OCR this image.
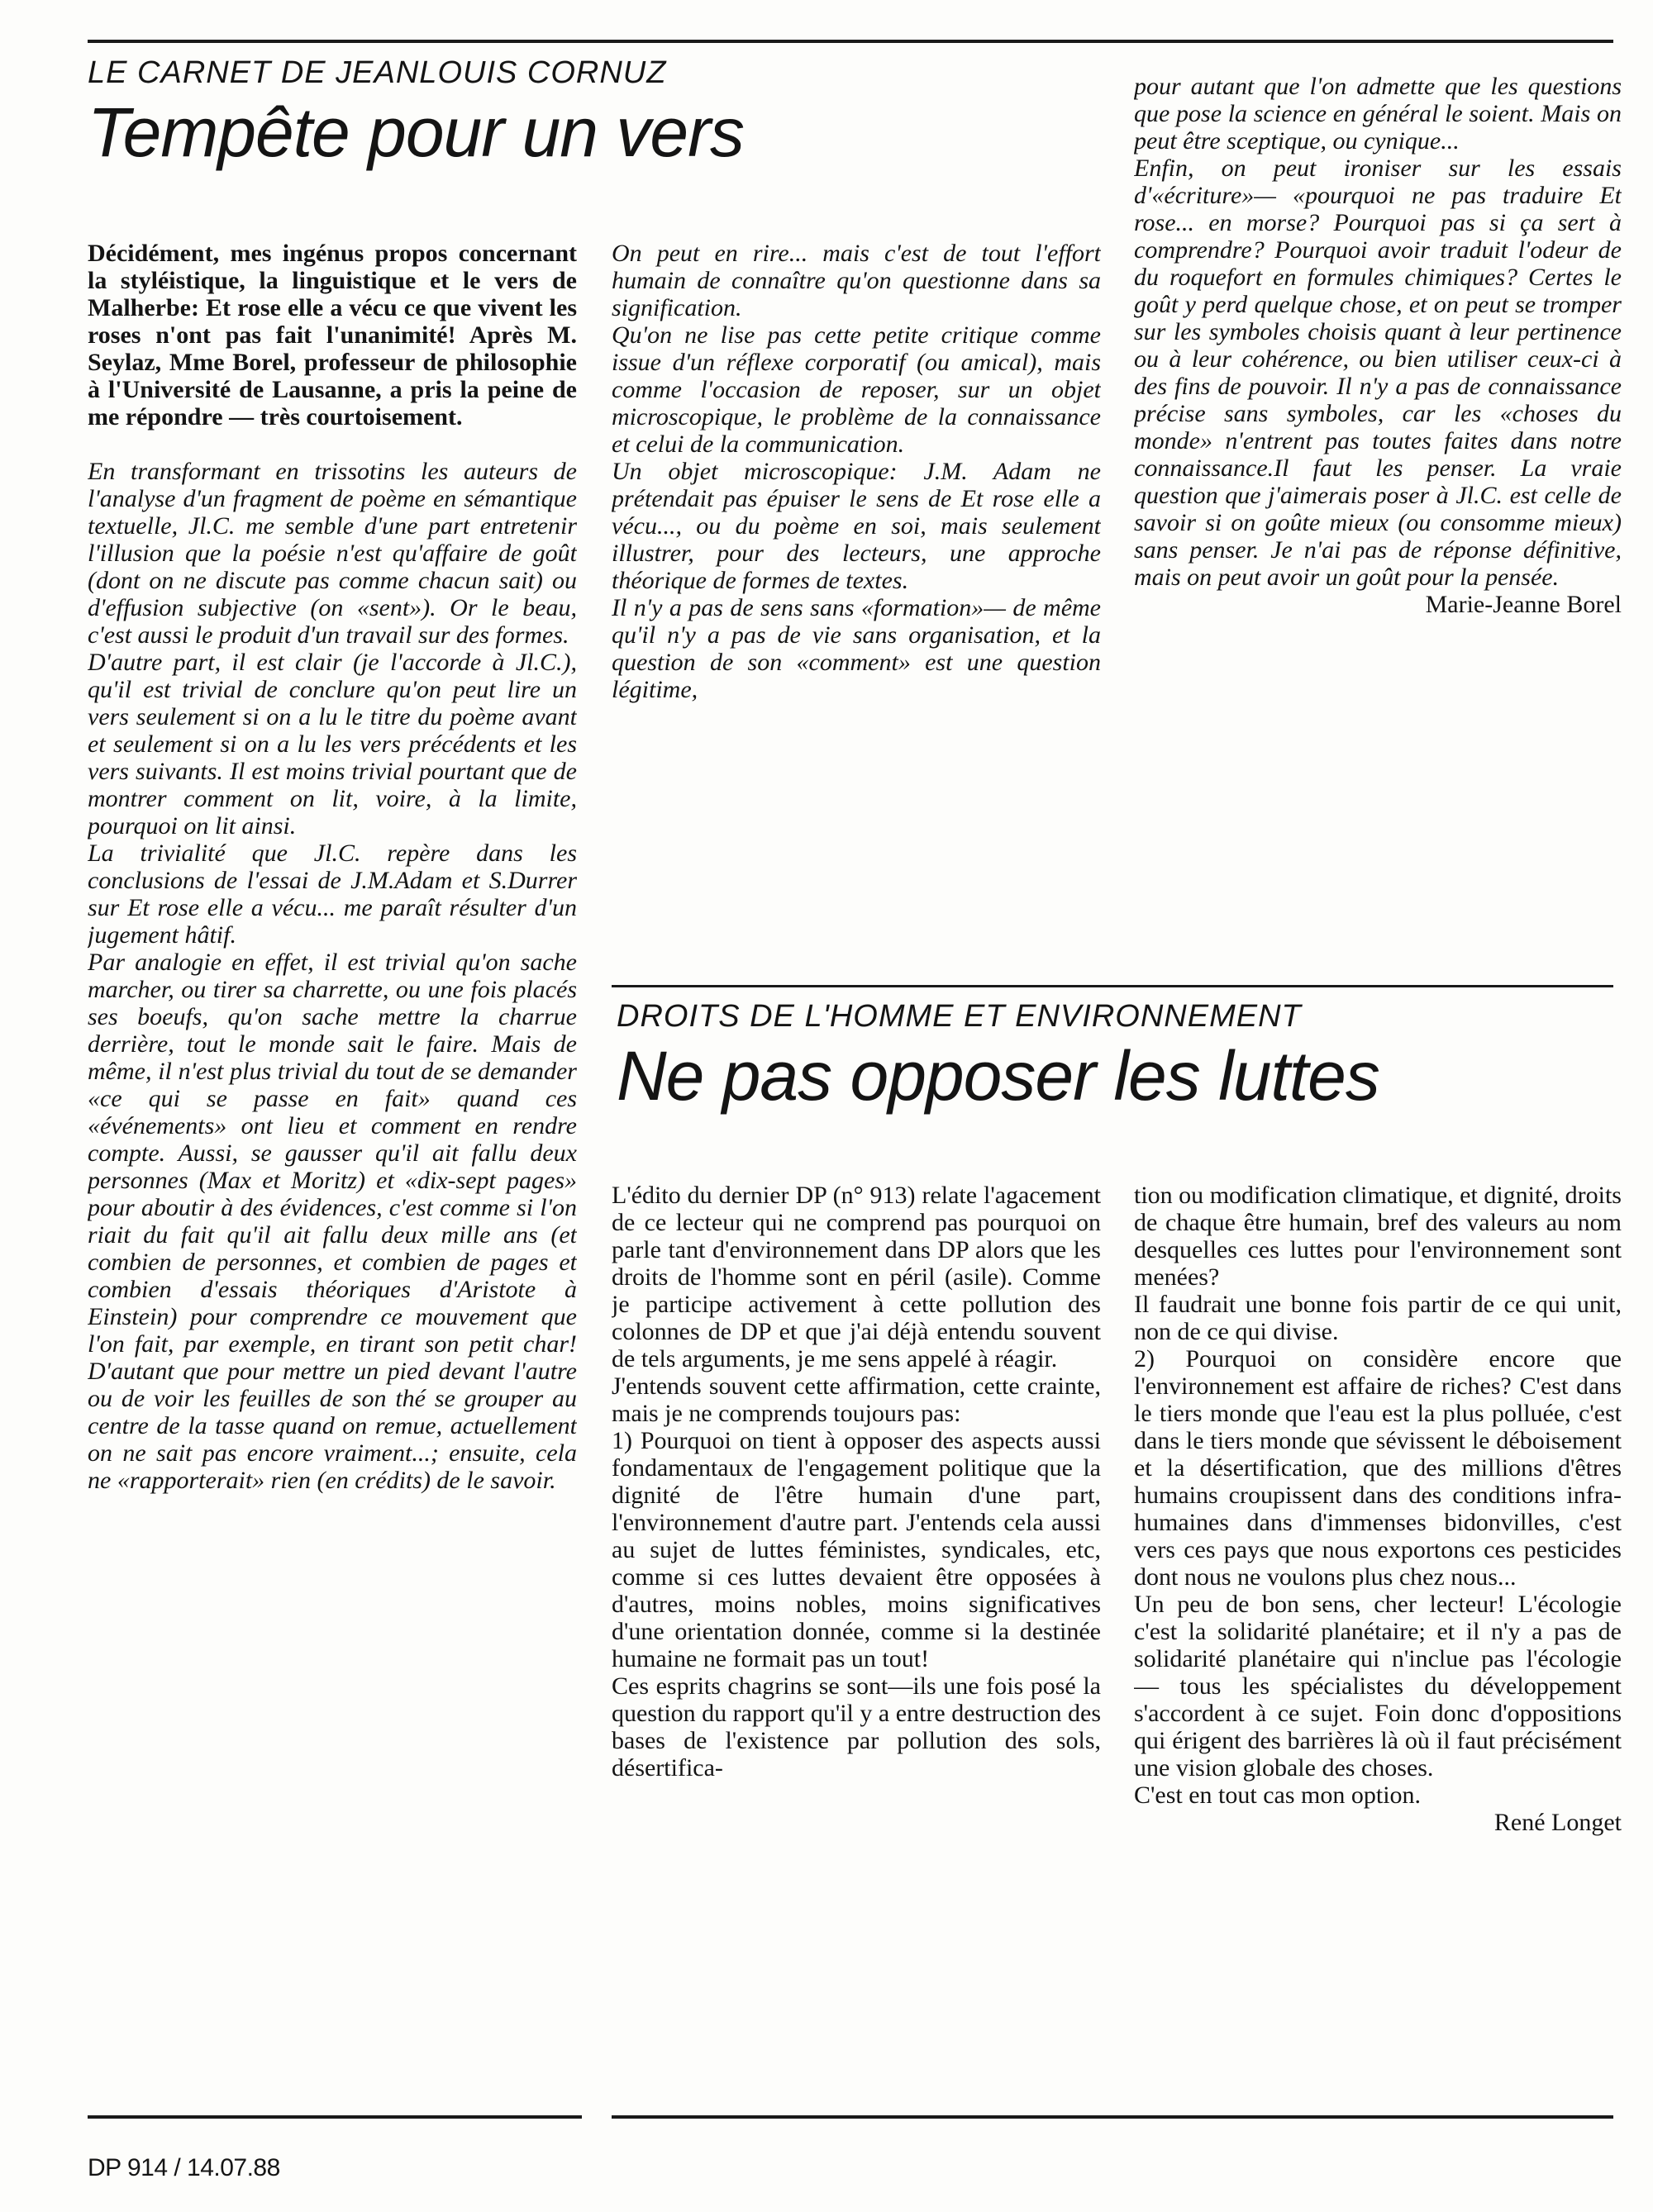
LE CARNET DE JEANLOUIS CORNUZ
Tempête pour un vers

Décidément, mes ingénus propos concernant la styléistique, la linguistique et le vers de Malherbe: Et rose elle a vécu ce que vivent les roses n'ont pas fait l'unanimité! Après M. Seylaz, Mme Borel, professeur de philosophie à l'Université de Lausanne, a pris la peine de me répondre — très courtoisement.

En transformant en trissotins les auteurs de l'analyse d'un fragment de poème en sémantique textuelle, Jl.C. me semble d'une part entretenir l'illusion que la poésie n'est qu'affaire de goût (dont on ne discute pas comme chacun sait) ou d'effusion subjective (on «sent»). Or le beau, c'est aussi le produit d'un travail sur des formes.

D'autre part, il est clair (je l'accorde à Jl.C.), qu'il est trivial de conclure qu'on peut lire un vers seulement si on a lu le titre du poème avant et seulement si on a lu les vers précédents et les vers suivants. Il est moins trivial pourtant que de montrer comment on lit, voire, à la limite, pourquoi on lit ainsi.

La trivialité que Jl.C. repère dans les conclusions de l'essai de J.M.Adam et S.Durrer sur Et rose elle a vécu... me paraît résulter d'un jugement hâtif.

Par analogie en effet, il est trivial qu'on sache marcher, ou tirer sa charrette, ou une fois placés ses boeufs, qu'on sache mettre la charrue derrière, tout le monde sait le faire. Mais de même, il n'est plus trivial du tout de se demander «ce qui se passe en fait» quand ces «événements» ont lieu et comment en rendre compte. Aussi, se gausser qu'il ait fallu deux personnes (Max et Moritz) et «dix-sept pages» pour aboutir à des évidences, c'est comme si l'on riait du fait qu'il ait fallu deux mille ans (et combien de personnes, et combien de pages et combien d'essais théoriques d'Aristote à Einstein) pour comprendre ce mouvement que l'on fait, par exemple, en tirant son petit char! D'autant que pour mettre un pied devant l'autre ou de voir les feuilles de son thé se grouper au centre de la tasse quand on remue, actuellement on ne sait pas encore vraiment...; ensuite, cela ne «rapporterait» rien (en crédits) de le savoir.

On peut en rire... mais c'est de tout l'effort humain de connaître qu'on questionne dans sa signification.

Qu'on ne lise pas cette petite critique comme issue d'un réflexe corporatif (ou amical), mais comme l'occasion de reposer, sur un objet microscopique, le problème de la connaissance et celui de la communication.

Un objet microscopique: J.M. Adam ne prétendait pas épuiser le sens de Et rose elle a vécu..., ou du poème en soi, mais seulement illustrer, pour des lecteurs, une approche théorique de formes de textes.

Il n'y a pas de sens sans «formation»— de même qu'il n'y a pas de vie sans organisation, et la question de son «comment» est une question légitime,

pour autant que l'on admette que les questions que pose la science en général le soient. Mais on peut être sceptique, ou cynique...

Enfin, on peut ironiser sur les essais d'«écriture»— «pourquoi ne pas traduire Et rose... en morse? Pourquoi pas si ça sert à comprendre? Pourquoi avoir traduit l'odeur de du roquefort en formules chimiques? Certes le goût y perd quelque chose, et on peut se tromper sur les symboles choisis quant à leur pertinence ou à leur cohérence, ou bien utiliser ceux-ci à des fins de pouvoir. Il n'y a pas de connaissance précise sans symboles, car les «choses du monde» n'entrent pas toutes faites dans notre connaissance.Il faut les penser. La vraie question que j'aimerais poser à Jl.C. est celle de savoir si on goûte mieux (ou consomme mieux) sans penser. Je n'ai pas de réponse définitive, mais on peut avoir un goût pour la pensée.

Marie-Jeanne Borel

DROITS DE L'HOMME ET ENVIRONNEMENT
Ne pas opposer les luttes

L'édito du dernier DP (n° 913) relate l'agacement de ce lecteur qui ne comprend pas pourquoi on parle tant d'environnement dans DP alors que les droits de l'homme sont en péril (asile). Comme je participe activement à cette pollution des colonnes de DP et que j'ai déjà entendu souvent de tels arguments, je me sens appelé à réagir.

J'entends souvent cette affirmation, cette crainte, mais je ne comprends toujours pas:

1) Pourquoi on tient à opposer des aspects aussi fondamentaux de l'engagement politique que la dignité de l'être humain d'une part, l'environnement d'autre part. J'entends cela aussi au sujet de luttes féministes, syndicales, etc, comme si ces luttes devaient être opposées à d'autres, moins nobles, moins significatives d'une orientation donnée, comme si la destinée humaine ne formait pas un tout!

Ces esprits chagrins se sont—ils une fois posé la question du rapport qu'il y a entre destruction des bases de l'existence par pollution des sols, désertifica-

tion ou modification climatique, et dignité, droits de chaque être humain, bref des valeurs au nom desquelles ces luttes pour l'environnement sont menées?

Il faudrait une bonne fois partir de ce qui unit, non de ce qui divise.

2) Pourquoi on considère encore que l'environnement est affaire de riches? C'est dans le tiers monde que l'eau est la plus polluée, c'est dans le tiers monde que sévissent le déboisement et la désertification, que des millions d'êtres humains croupissent dans des conditions infra-humaines dans d'immenses bidonvilles, c'est vers ces pays que nous exportons ces pesticides dont nous ne voulons plus chez nous...

Un peu de bon sens, cher lecteur! L'écologie c'est la solidarité planétaire; et il n'y a pas de solidarité planétaire qui n'inclue pas l'écologie — tous les spécialistes du développement s'accordent à ce sujet. Foin donc d'oppositions qui érigent des barrières là où il faut précisément une vision globale des choses.

C'est en tout cas mon option.

René Longet

DP 914 / 14.07.88
